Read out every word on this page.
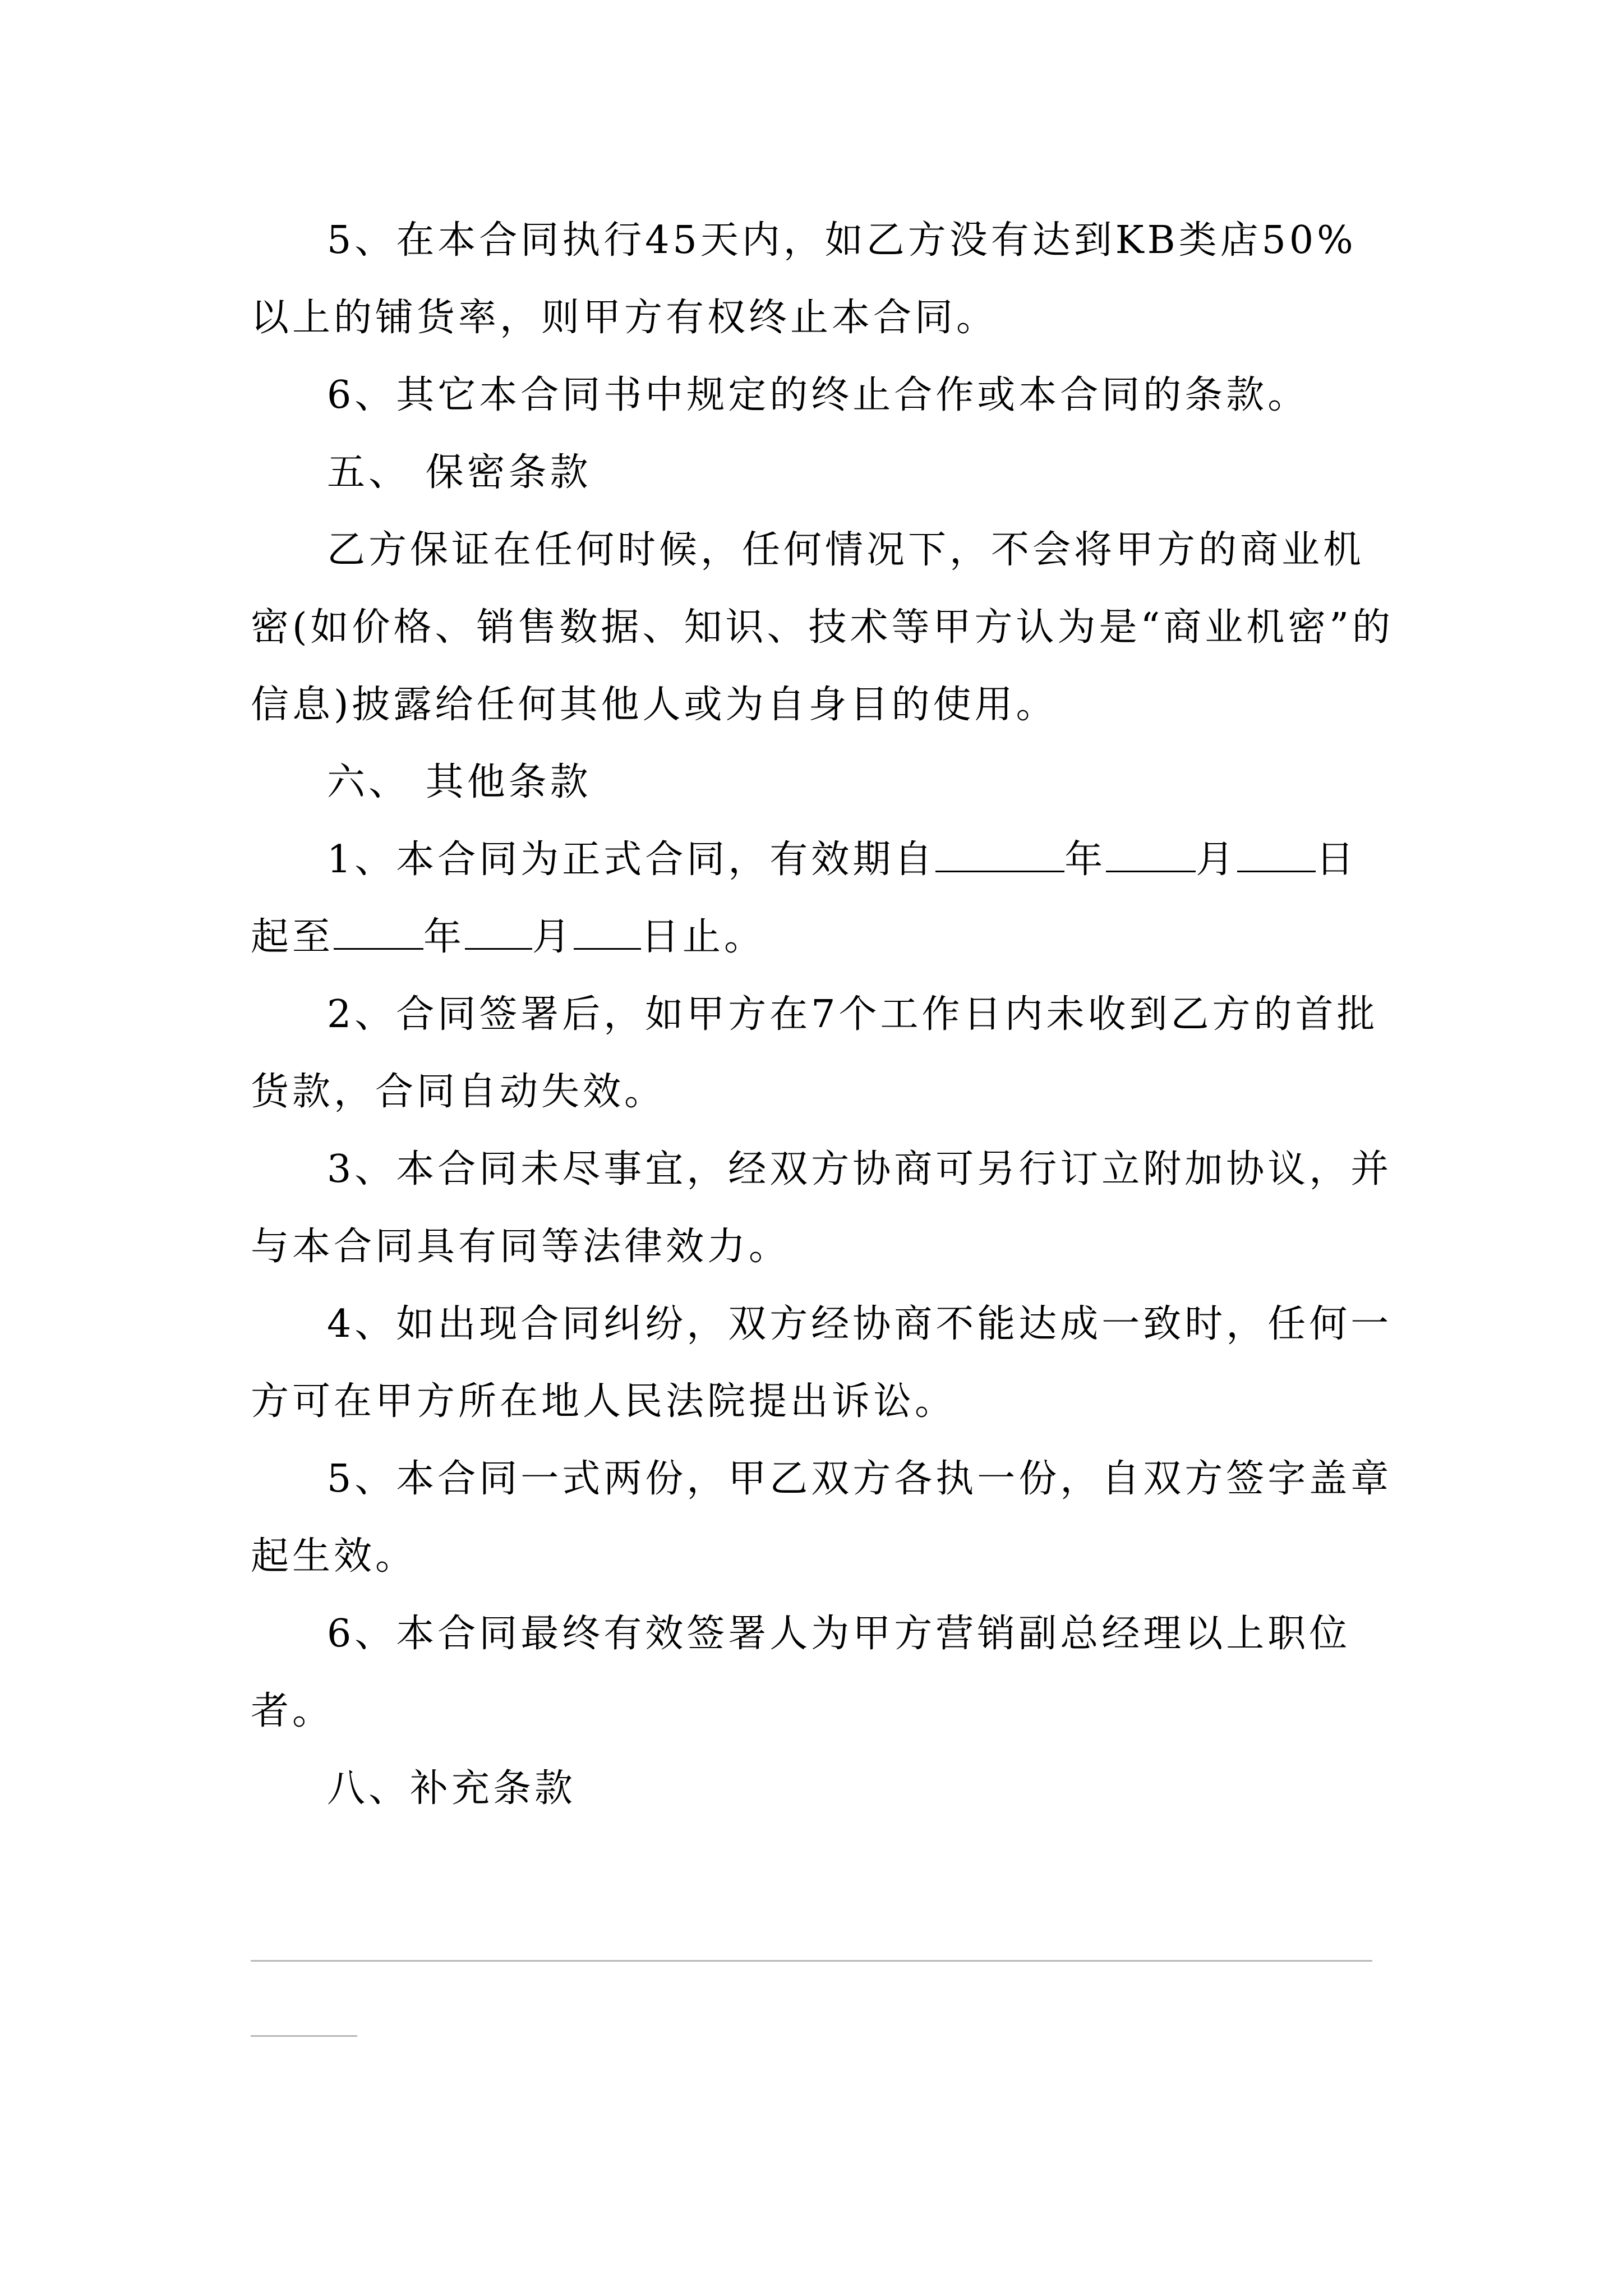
5、在本合同执行45天内，如乙方没有达到KB类店50%以上的铺货率，则甲方有权终止本合同。

6、其它本合同书中规定的终止合作或本合同的条款。

五、 保密条款

乙方保证在任何时候，任何情况下，不会将甲方的商业机密(如价格、销售数据、知识、技术等甲方认为是“商业机密”的信息)披露给任何其他人或为自身目的使用。

六、 其他条款

1、本合同为正式合同，有效期自	年 月 日起至 年 月 日止。

2、合同签署后，如甲方在7个工作日内未收到乙方的首批货款，合同自动失效。

3、本合同未尽事宜，经双方协商可另行订立附加协议，并与本合同具有同等法律效力。

4、如出现合同纠纷，双方经协商不能达成一致时，任何一方可在甲方所在地人民法院提出诉讼。

5、本合同一式两份，甲乙双方各执一份，自双方签字盖章起生效。

6、本合同最终有效签署人为甲方营销副总经理以上职位者。

八、补充条款
